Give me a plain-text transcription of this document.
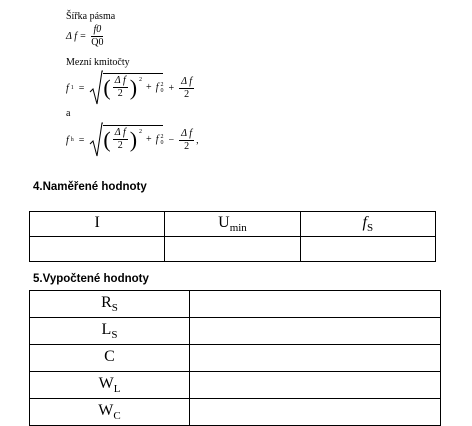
Šířka pásma
Δ $f = \frac{f0}{Q0}$
Mezní kmitočty
f 1 = ( $\frac{\text{Δ f}}{2}$ ) 2
+ f 2
$0 + \frac{\text{Δ f}}{2}$
a
f h = ( $\frac{\text{Δ f}}{2}$ ) 2
+ f 2
$0 - \frac{\text{Δ f}}{2}$ ,
4.Naměřené hodnoty
I	$U_{min}$	$f_S$

5.Vypočtené hodnoty
$R_S$	
$L_S$	
C	
$W_L$	
$W_C$	
